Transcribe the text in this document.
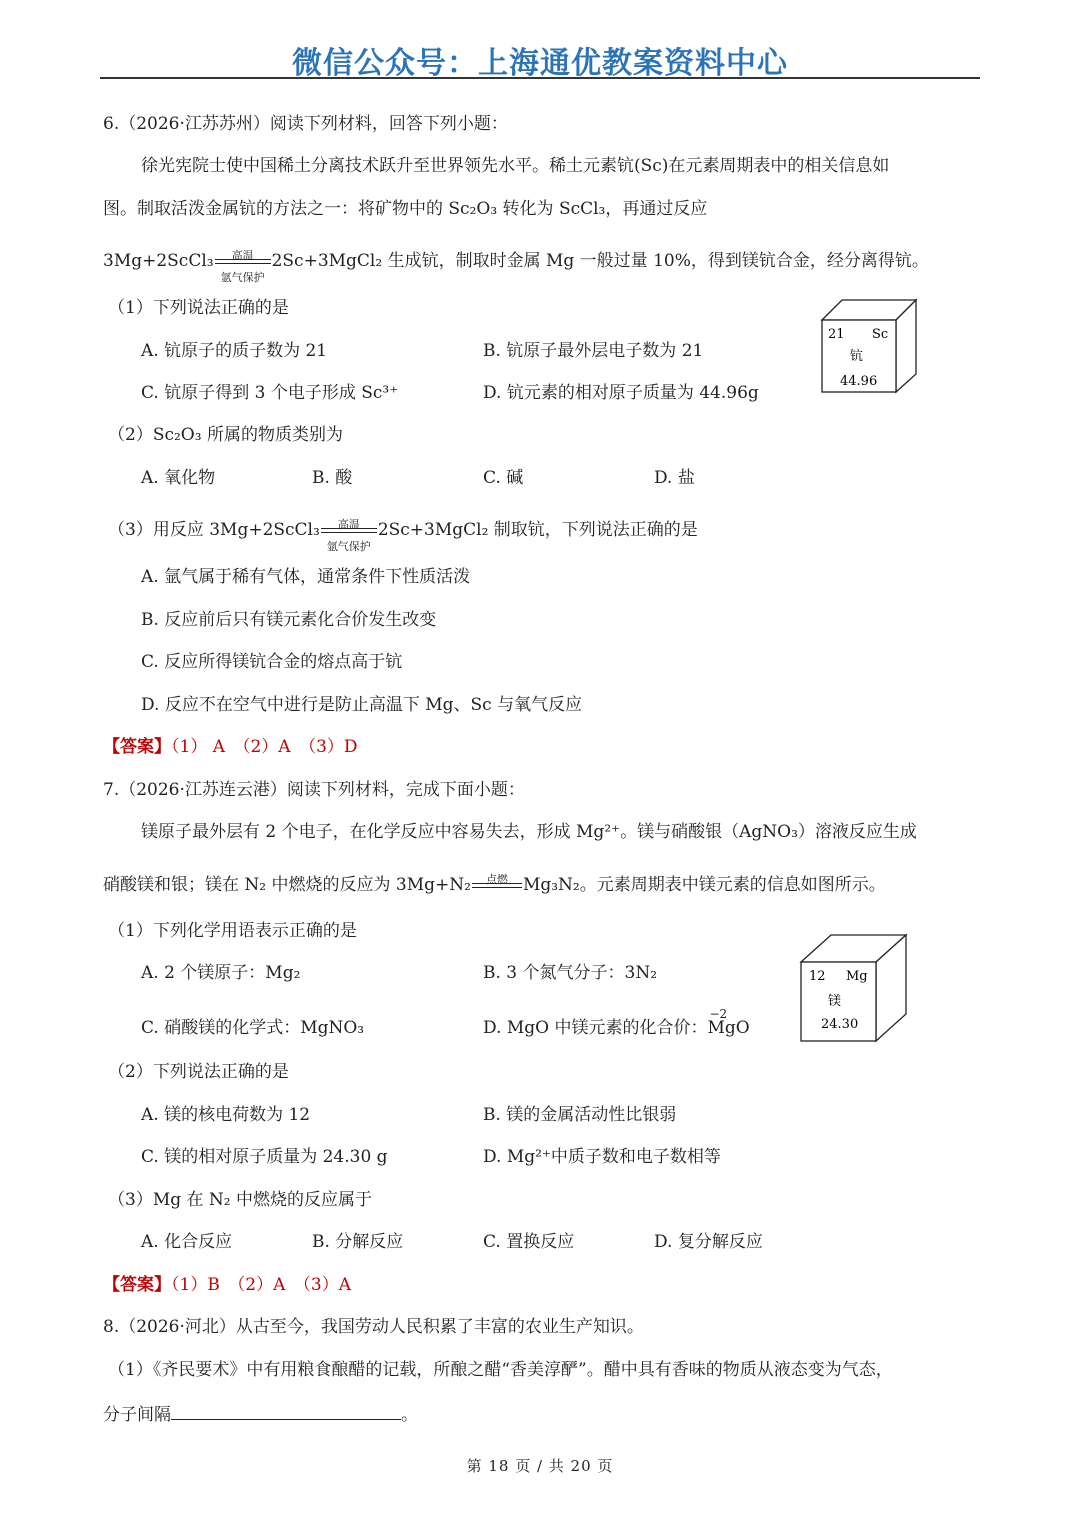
微信公众号：上海通优教案资料中心
6.（2026·江苏苏州）阅读下列材料，回答下列小题：
徐光宪院士使中国稀土分离技术跃升至世界领先水平。稀土元素钪(Sc)在元素周期表中的相关信息如
图。制取活泼金属钪的方法之一：将矿物中的 Sc₂O₃ 转化为 ScCl₃，再通过反应
3Mg+2ScCl₃	高温
氩气保护
2Sc+3MgCl₂ 生成钪，制取时金属 Mg 一般过量 10%，得到镁钪合金，经分离得钪。
（1）下列说法正确的是
A. 钪原子的质子数为 21	B. 钪原子最外层电子数为 21
C. 钪原子得到 3 个电子形成 Sc³⁺	D. 钪元素的相对原子质量为 44.96g
21 Sc
钪
44.96
（2）Sc₂O₃ 所属的物质类别为
A. 氧化物	B. 酸	C. 碱	D. 盐
（3）用反应 3Mg+2ScCl₃	高温
氩气保护
2Sc+3MgCl₂ 制取钪，下列说法正确的是
A. 氩气属于稀有气体，通常条件下性质活泼
B. 反应前后只有镁元素化合价发生改变
C. 反应所得镁钪合金的熔点高于钪
D. 反应不在空气中进行是防止高温下 Mg、Sc 与氧气反应
【答案】（1） A　（2）A　（3）D
7.（2026·江苏连云港）阅读下列材料，完成下面小题：
镁原子最外层有 2 个电子，在化学反应中容易失去，形成 Mg²⁺。镁与硝酸银（AgNO₃）溶液反应生成
硝酸镁和银；镁在 N₂ 中燃烧的反应为 3Mg+N₂	点燃 Mg₃N₂。元素周期表中镁元素的信息如图所示。
（1）下列化学用语表示正确的是
A. 2 个镁原子：Mg₂	B. 3 个氮气分子：3N₂
C. 硝酸镁的化学式：MgNO₃	D. MgO 中镁元素的化合价：
−2
MgO
12 Mg
镁
24.30
（2）下列说法正确的是
A. 镁的核电荷数为 12	B. 镁的金属活动性比银弱
C. 镁的相对原子质量为 24.30 g	D. Mg²⁺中质子数和电子数相等
（3）Mg 在 N₂ 中燃烧的反应属于
A. 化合反应	B. 分解反应	C. 置换反应	D. 复分解反应
【答案】（1）B　（2）A　（3）A
8.（2026·河北）从古至今，我国劳动人民积累了丰富的农业生产知识。
（1）《齐民要术》中有用粮食酿醋的记载，所酿之醋“香美淳酽”。醋中具有香味的物质从液态变为气态，
分子间隔	。
第 18 页 / 共 20 页
